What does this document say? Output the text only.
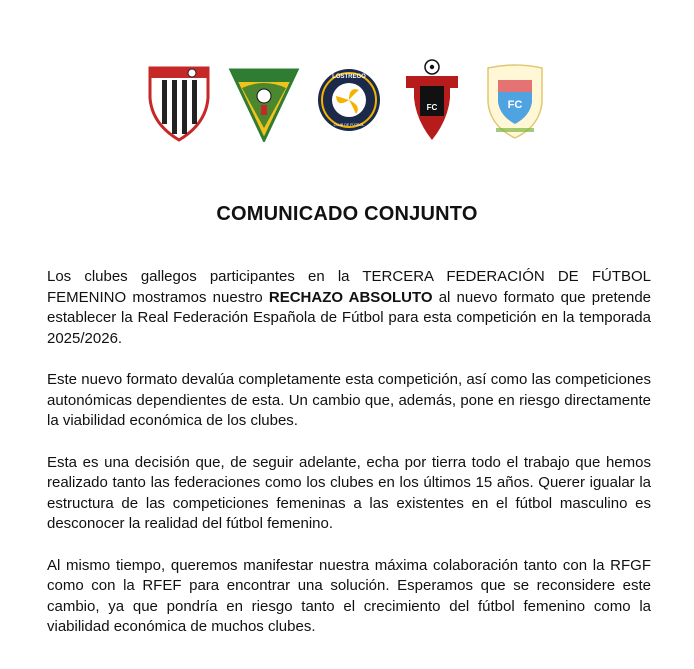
LOSTREGO
CLUB DE FÚTBOL
FC	FC
COMUNICADO CONJUNTO

Los clubes gallegos participantes en la TERCERA FEDERACIÓN DE FÚTBOL FEMENINO mostramos nuestro RECHAZO ABSOLUTO al nuevo formato que pretende establecer la Real Federación Española de Fútbol para esta competición en la temporada 2025/2026.

Este nuevo formato devalúa completamente esta competición, así como las competiciones autonómicas dependientes de esta. Un cambio que, además, pone en riesgo directamente la viabilidad económica de los clubes.

Esta es una decisión que, de seguir adelante, echa por tierra todo el trabajo que hemos realizado tanto las federaciones como los clubes en los últimos 15 años. Querer igualar la estructura de las competiciones femeninas a las existentes en el fútbol masculino es desconocer la realidad del fútbol femenino.

Al mismo tiempo, queremos manifestar nuestra máxima colaboración tanto con la RFGF como con la RFEF para encontrar una solución. Esperamos que se reconsidere este cambio, ya que pondría en riesgo tanto el crecimiento del fútbol femenino como la viabilidad económica de muchos clubes.
